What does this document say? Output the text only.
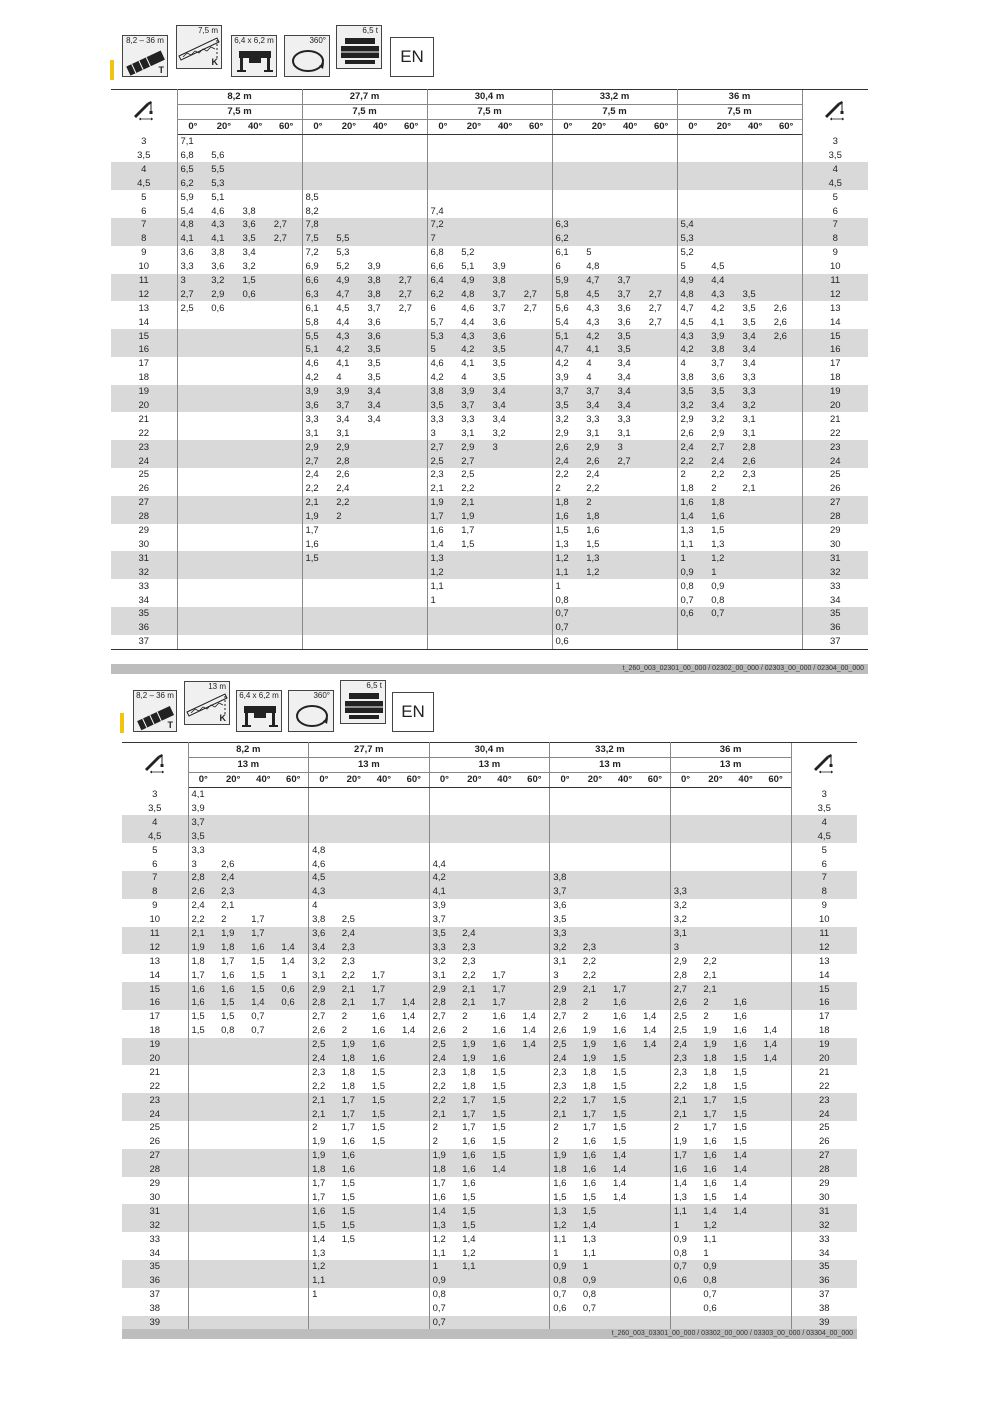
8,2 – 36 m
T
7,5 m
K
6,4 x 6,2 m	360°
6,5 t
EN
	8,2 m				27,7 m				30,4 m				33,2 m				36 m	
	7,5 m				7,5 m				7,5 m				7,5 m				7,5 m				
	0°	20°	40°	60°	0°	20°	40°	60°	0°	20°	40°	60°	0°	20°	40°	60°	0°	20°	40°	60°	
3	7,1																				3
3,5	6,8	5,6																			3,5
4	6,5	5,5																			4
4,5	6,2	5,3																			4,5
5	5,9	5,1			8,5																5
6	5,4	4,6	3,8		8,2				7,4												6
7	4,8	4,3	3,6	2,7	7,8				7,2				6,3				5,4				7
8	4,1	4,1	3,5	2,7	7,5	5,5			7				6,2				5,3				8
9	3,6	3,8	3,4		7,2	5,3			6,8	5,2			6,1	5			5,2				9
10	3,3	3,6	3,2		6,9	5,2	3,9		6,6	5,1	3,9		6	4,8			5	4,5			10
11	3	3,2	1,5		6,6	4,9	3,8	2,7	6,4	4,9	3,8		5,9	4,7	3,7		4,9	4,4			11
12	2,7	2,9	0,6		6,3	4,7	3,8	2,7	6,2	4,8	3,7	2,7	5,8	4,5	3,7	2,7	4,8	4,3	3,5		12
13	2,5	0,6			6,1	4,5	3,7	2,7	6	4,6	3,7	2,7	5,6	4,3	3,6	2,7	4,7	4,2	3,5	2,6	13
14					5,8	4,4	3,6		5,7	4,4	3,6		5,4	4,3	3,6	2,7	4,5	4,1	3,5	2,6	14
15					5,5	4,3	3,6		5,3	4,3	3,6		5,1	4,2	3,5		4,3	3,9	3,4	2,6	15
16					5,1	4,2	3,5		5	4,2	3,5		4,7	4,1	3,5		4,2	3,8	3,4		16
17					4,6	4,1	3,5		4,6	4,1	3,5		4,2	4	3,4		4	3,7	3,4		17
18					4,2	4	3,5		4,2	4	3,5		3,9	4	3,4		3,8	3,6	3,3		18
19					3,9	3,9	3,4		3,8	3,9	3,4		3,7	3,7	3,4		3,5	3,5	3,3		19
20					3,6	3,7	3,4		3,5	3,7	3,4		3,5	3,4	3,4		3,2	3,4	3,2		20
21					3,3	3,4	3,4		3,3	3,3	3,4		3,2	3,3	3,3		2,9	3,2	3,1		21
22					3,1	3,1			3	3,1	3,2		2,9	3,1	3,1		2,6	2,9	3,1		22
23					2,9	2,9			2,7	2,9	3		2,6	2,9	3		2,4	2,7	2,8		23
24					2,7	2,8			2,5	2,7			2,4	2,6	2,7		2,2	2,4	2,6		24
25					2,4	2,6			2,3	2,5			2,2	2,4			2	2,2	2,3		25
26					2,2	2,4			2,1	2,2			2	2,2			1,8	2	2,1		26
27					2,1	2,2			1,9	2,1			1,8	2			1,6	1,8			27
28					1,9	2			1,7	1,9			1,6	1,8			1,4	1,6			28
29					1,7				1,6	1,7			1,5	1,6			1,3	1,5			29
30					1,6				1,4	1,5			1,3	1,5			1,1	1,3			30
31					1,5				1,3				1,2	1,3			1	1,2			31
32									1,2				1,1	1,2			0,9	1			32
33									1,1				1				0,8	0,9			33
34									1				0,8				0,7	0,8			34
35													0,7				0,6	0,7			35
36													0,7								36
37													0,6								37
t_260_003_02301_00_000 / 02302_00_000 / 02303_00_000 / 02304_00_000
8,2 – 36 m
T
13 m
K
6,4 x 6,2 m	360°
6,5 t
EN
	8,2 m				27,7 m				30,4 m				33,2 m				36 m	
	13 m				13 m				13 m				13 m				13 m				
	0°	20°	40°	60°	0°	20°	40°	60°	0°	20°	40°	60°	0°	20°	40°	60°	0°	20°	40°	60°	
3	4,1																				3
3,5	3,9																				3,5
4	3,7																				4
4,5	3,5																				4,5
5	3,3				4,8																5
6	3	2,6			4,6				4,4												6
7	2,8	2,4			4,5				4,2				3,8								7
8	2,6	2,3			4,3				4,1				3,7				3,3				8
9	2,4	2,1			4				3,9				3,6				3,2				9
10	2,2	2	1,7		3,8	2,5			3,7				3,5				3,2				10
11	2,1	1,9	1,7		3,6	2,4			3,5	2,4			3,3				3,1				11
12	1,9	1,8	1,6	1,4	3,4	2,3			3,3	2,3			3,2	2,3			3				12
13	1,8	1,7	1,5	1,4	3,2	2,3			3,2	2,3			3,1	2,2			2,9	2,2			13
14	1,7	1,6	1,5	1	3,1	2,2	1,7		3,1	2,2	1,7		3	2,2			2,8	2,1			14
15	1,6	1,6	1,5	0,6	2,9	2,1	1,7		2,9	2,1	1,7		2,9	2,1	1,7		2,7	2,1			15
16	1,6	1,5	1,4	0,6	2,8	2,1	1,7	1,4	2,8	2,1	1,7		2,8	2	1,6		2,6	2	1,6		16
17	1,5	1,5	0,7		2,7	2	1,6	1,4	2,7	2	1,6	1,4	2,7	2	1,6	1,4	2,5	2	1,6		17
18	1,5	0,8	0,7		2,6	2	1,6	1,4	2,6	2	1,6	1,4	2,6	1,9	1,6	1,4	2,5	1,9	1,6	1,4	18
19					2,5	1,9	1,6		2,5	1,9	1,6	1,4	2,5	1,9	1,6	1,4	2,4	1,9	1,6	1,4	19
20					2,4	1,8	1,6		2,4	1,9	1,6		2,4	1,9	1,5		2,3	1,8	1,5	1,4	20
21					2,3	1,8	1,5		2,3	1,8	1,5		2,3	1,8	1,5		2,3	1,8	1,5		21
22					2,2	1,8	1,5		2,2	1,8	1,5		2,3	1,8	1,5		2,2	1,8	1,5		22
23					2,1	1,7	1,5		2,2	1,7	1,5		2,2	1,7	1,5		2,1	1,7	1,5		23
24					2,1	1,7	1,5		2,1	1,7	1,5		2,1	1,7	1,5		2,1	1,7	1,5		24
25					2	1,7	1,5		2	1,7	1,5		2	1,7	1,5		2	1,7	1,5		25
26					1,9	1,6	1,5		2	1,6	1,5		2	1,6	1,5		1,9	1,6	1,5		26
27					1,9	1,6			1,9	1,6	1,5		1,9	1,6	1,4		1,7	1,6	1,4		27
28					1,8	1,6			1,8	1,6	1,4		1,8	1,6	1,4		1,6	1,6	1,4		28
29					1,7	1,5			1,7	1,6			1,6	1,6	1,4		1,4	1,6	1,4		29
30					1,7	1,5			1,6	1,5			1,5	1,5	1,4		1,3	1,5	1,4		30
31					1,6	1,5			1,4	1,5			1,3	1,5			1,1	1,4	1,4		31
32					1,5	1,5			1,3	1,5			1,2	1,4			1	1,2			32
33					1,4	1,5			1,2	1,4			1,1	1,3			0,9	1,1			33
34					1,3				1,1	1,2			1	1,1			0,8	1			34
35					1,2				1	1,1			0,9	1			0,7	0,9			35
36					1,1				0,9				0,8	0,9			0,6	0,8			36
37					1				0,8				0,7	0,8				0,7			37
38									0,7				0,6	0,7				0,6			38
39									0,7												39
t_260_003_03301_00_000 / 03302_00_000 / 03303_00_000 / 03304_00_000
